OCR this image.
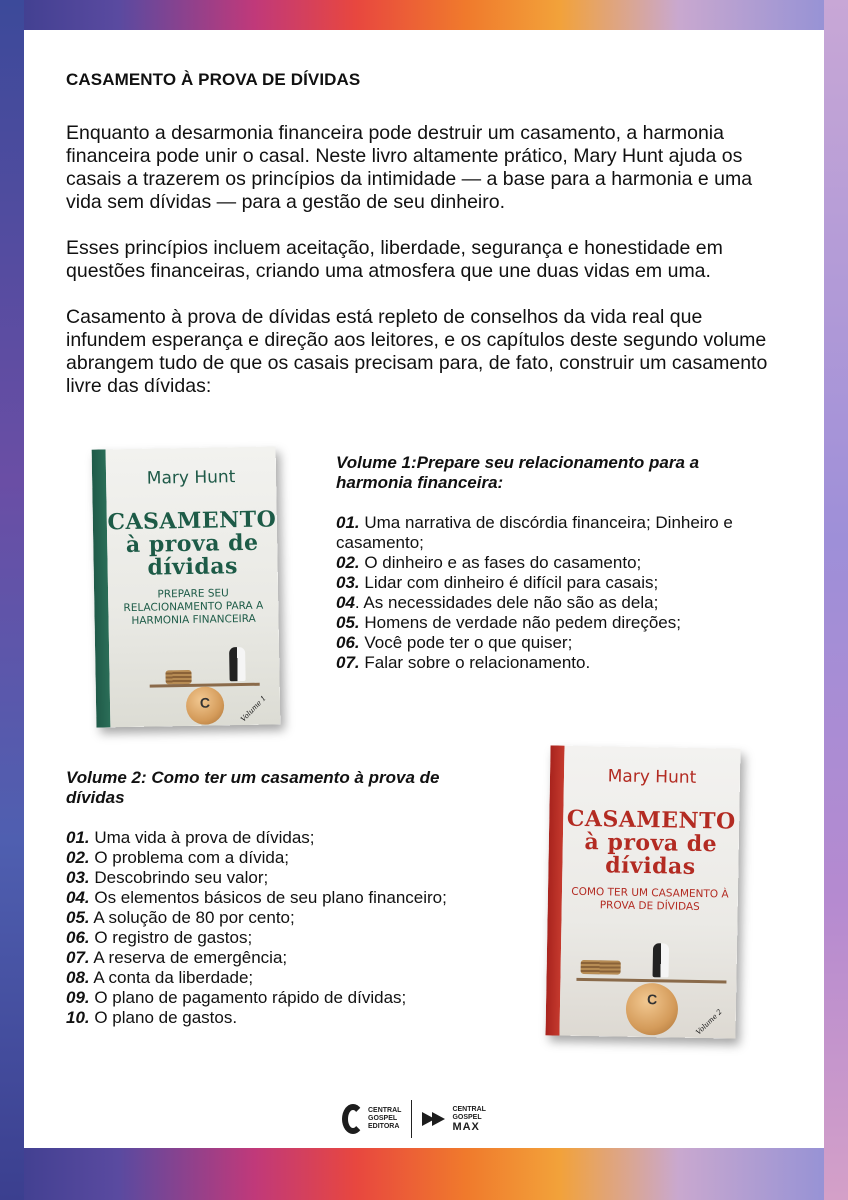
CASAMENTO À PROVA DE DÍVIDAS

Enquanto a desarmonia financeira pode destruir um casamento, a harmonia financeira pode unir o casal. Neste livro altamente prático, Mary Hunt ajuda os casais a trazerem os princípios da intimidade — a base para a harmonia e uma vida sem dívidas — para a gestão de seu dinheiro.

Esses princípios incluem aceitação, liberdade, segurança e honestidade em questões financeiras, criando uma atmosfera que une duas vidas em uma.

Casamento à prova de dívidas está repleto de conselhos da vida real que infundem esperança e direção aos leitores, e os capítulos deste segundo volume abrangem tudo de que os casais precisam para, de fato, construir um casamento livre das dívidas:

Mary Hunt
CASAMENTO
à prova de
dívidas
PREPARE SEU RELACIONAMENTO PARA A HARMONIA FINANCEIRA
C	Volume 1
Volume 1:Prepare seu relacionamento para a harmonia financeira:
01. Uma narrativa de discórdia financeira; Dinheiro e casamento;
02. O dinheiro e as fases do casamento;
03. Lidar com dinheiro é difícil para casais;
04. As necessidades dele não são as dela;
05. Homens de verdade não pedem direções;
06. Você pode ter o que quiser;
07. Falar sobre o relacionamento.
Volume 2: Como ter um casamento à prova de dívidas
01. Uma vida à prova de dívidas;
02. O problema com a dívida;
03. Descobrindo seu valor;
04. Os elementos básicos de seu plano financeiro;
05. A solução de 80 por cento;
06. O registro de gastos;
07. A reserva de emergência;
08. A conta da liberdade;
09. O plano de pagamento rápido de dívidas;
10. O plano de gastos.
Mary Hunt
CASAMENTO
à prova de
dívidas
COMO TER UM CASAMENTO À PROVA DE DÍVIDAS
C
Volume 2
CENTRAL
GOSPEL
EDITORA
CENTRAL
GOSPEL
MAX
